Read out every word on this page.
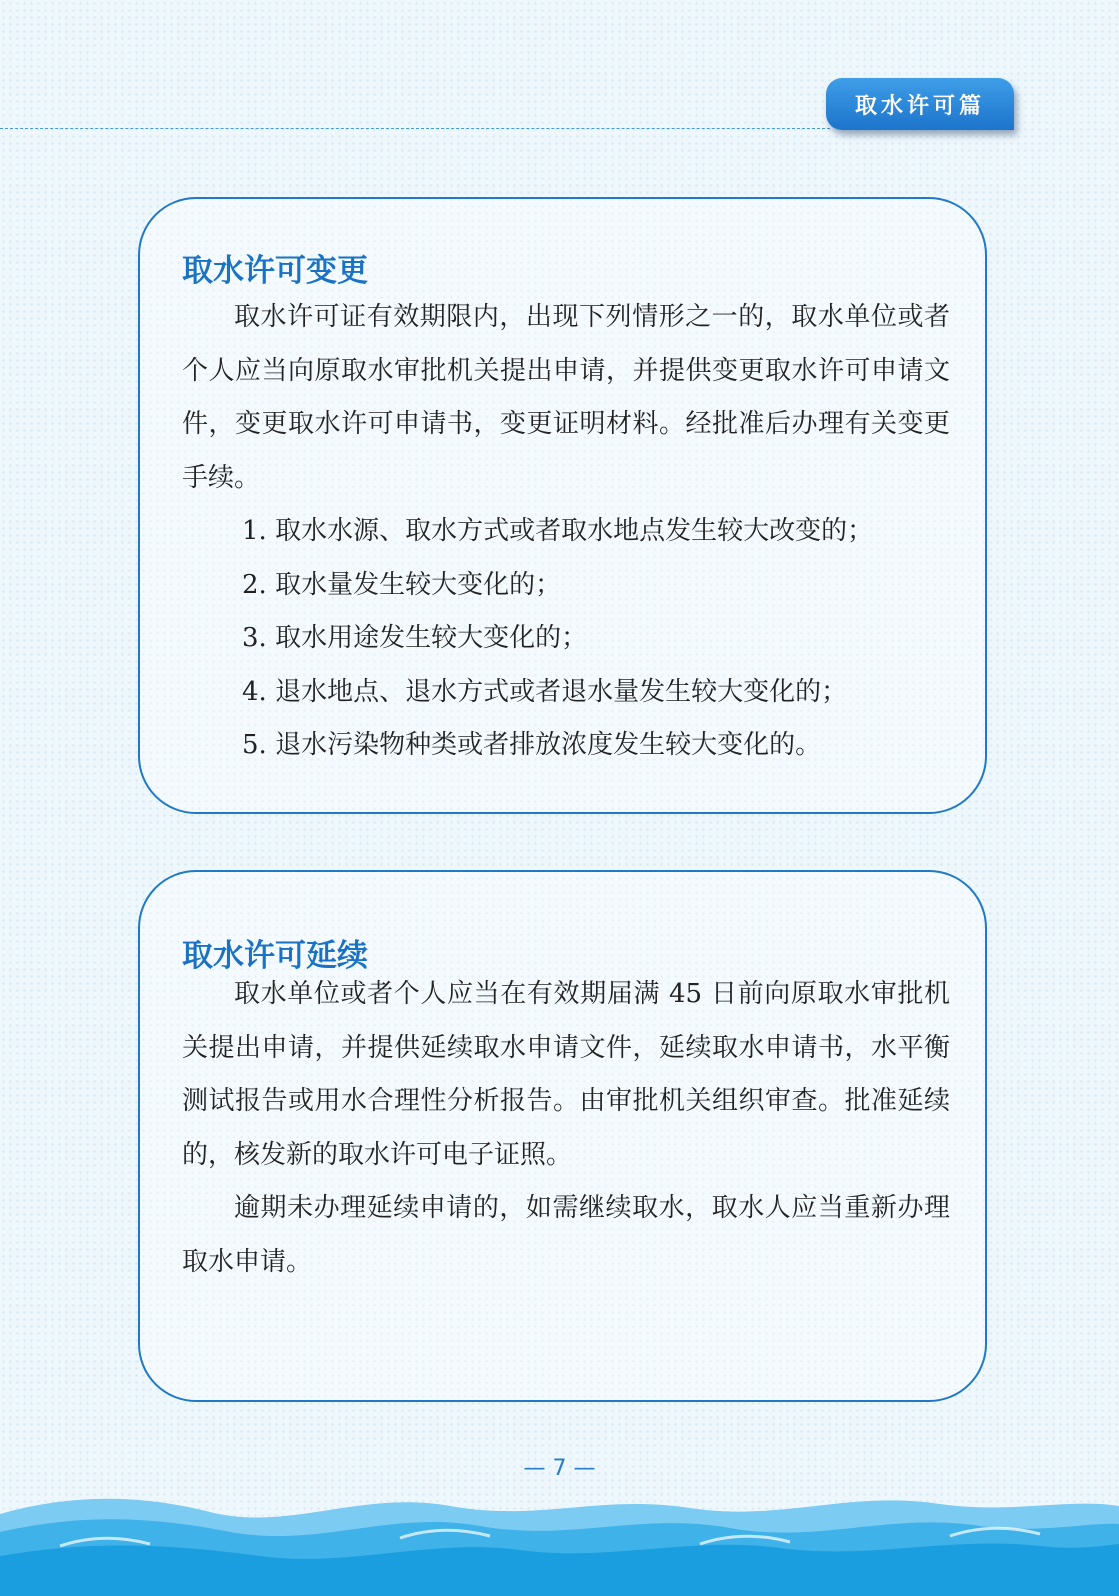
取水许可篇
取水许可变更

取水许可证有效期限内，出现下列情形之一的，取水单位或者个人应当向原取水审批机关提出申请，并提供变更取水许可申请文件，变更取水许可申请书，变更证明材料。经批准后办理有关变更手续。

1. 取水水源、取水方式或者取水地点发生较大改变的；

2. 取水量发生较大变化的；

3. 取水用途发生较大变化的；

4. 退水地点、退水方式或者退水量发生较大变化的；

5. 退水污染物种类或者排放浓度发生较大变化的。

取水许可延续

取水单位或者个人应当在有效期届满 45 日前向原取水审批机关提出申请，并提供延续取水申请文件，延续取水申请书，水平衡测试报告或用水合理性分析报告。由审批机关组织审查。批准延续的，核发新的取水许可电子证照。

逾期未办理延续申请的，如需继续取水，取水人应当重新办理取水申请。

— 7 —
